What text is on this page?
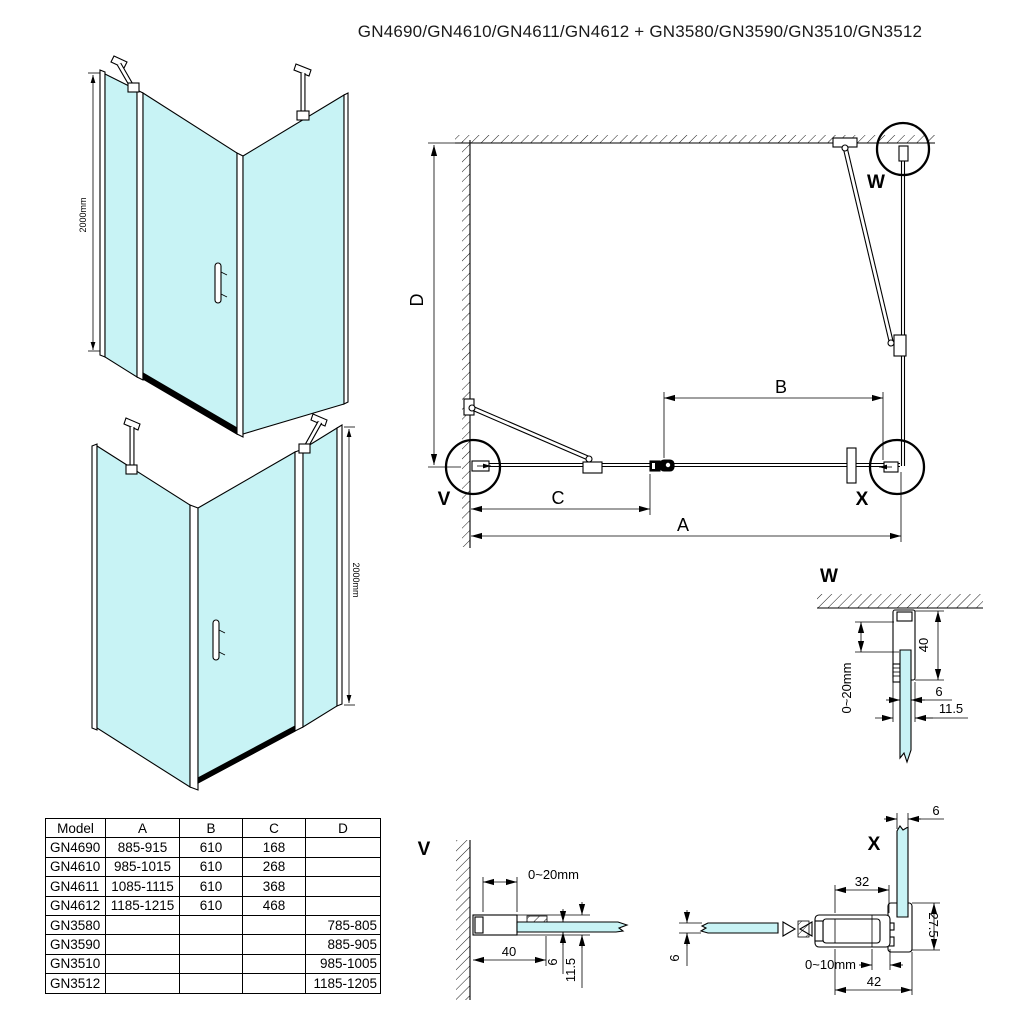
GN4690/GN4610/GN4611/GN4612 + GN3580/GN3590/GN3510/GN3512
2000mm
2000mm
V
W
X
D
B
C
A
W
0~20mm
40
6
11.5
V
0~20mm
40
6 11.5
X
6
32
27.5
6	0~10mm
42
Model	A	B	C	D
GN4690	885-915	610	168	
GN4610	985-1015	610	268	
GN4611	1085-1115	610	368	
GN4612	1185-1215	610	468	
GN3580				785-805
GN3590				885-905
GN3510				985-1005
GN3512				1185-1205
